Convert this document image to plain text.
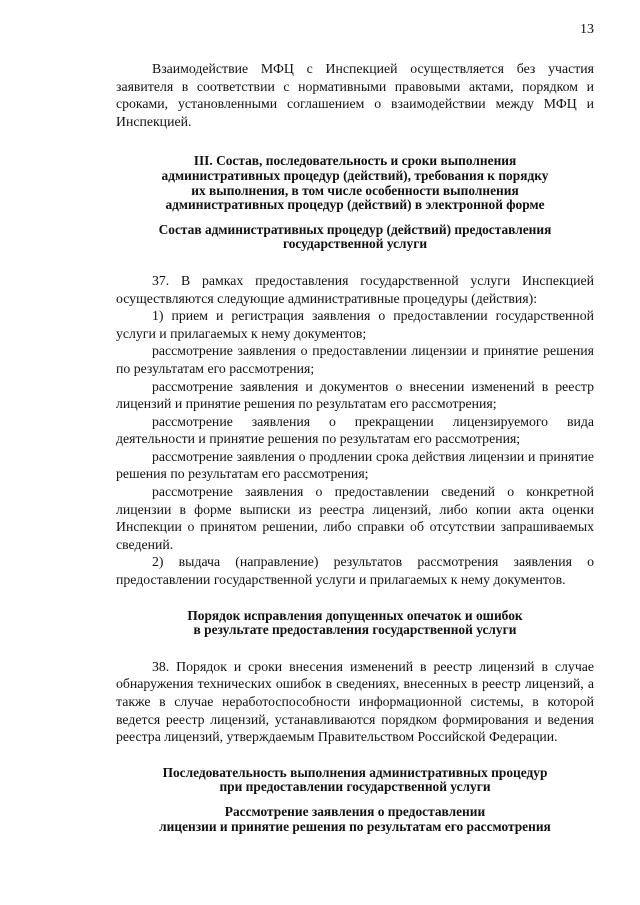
13

Взаимодействие МФЦ с Инспекцией осуществляется без участия заявителя в соответствии с нормативными правовыми актами, порядком и сроками, установленными соглашением о взаимодействии между МФЦ и Инспекцией.

III. Состав, последовательность и сроки выполнения
административных процедур (действий), требования к порядку
их выполнения, в том числе особенности выполнения
административных процедур (действий) в электронной форме
Состав административных процедур (действий) предоставления
государственной услуги

37. В рамках предоставления государственной услуги Инспекцией осуществляются следующие административные процедуры (действия):

1) прием и регистрация заявления о предоставлении государственной услуги и прилагаемых к нему документов;

рассмотрение заявления о предоставлении лицензии и принятие решения по результатам его рассмотрения;

рассмотрение заявления и документов о внесении изменений в реестр лицензий и принятие решения по результатам его рассмотрения;

рассмотрение заявления о прекращении лицензируемого вида деятельности и принятие решения по результатам его рассмотрения;

рассмотрение заявления о продлении срока действия лицензии и принятие решения по результатам его рассмотрения;

рассмотрение заявления о предоставлении сведений о конкретной лицензии в форме выписки из реестра лицензий, либо копии акта оценки Инспекции о принятом решении, либо справки об отсутствии запрашиваемых сведений.

2) выдача (направление) результатов рассмотрения заявления о предоставлении государственной услуги и прилагаемых к нему документов.

Порядок исправления допущенных опечаток и ошибок
в результате предоставления государственной услуги

38. Порядок и сроки внесения изменений в реестр лицензий в случае обнаружения технических ошибок в сведениях, внесенных в реестр лицензий, а также в случае неработоспособности информационной системы, в которой ведется реестр лицензий, устанавливаются порядком формирования и ведения реестра лицензий, утверждаемым Правительством Российской Федерации.

Последовательность выполнения административных процедур
при предоставлении государственной услуги
Рассмотрение заявления о предоставлении
лицензии и принятие решения по результатам его рассмотрения
